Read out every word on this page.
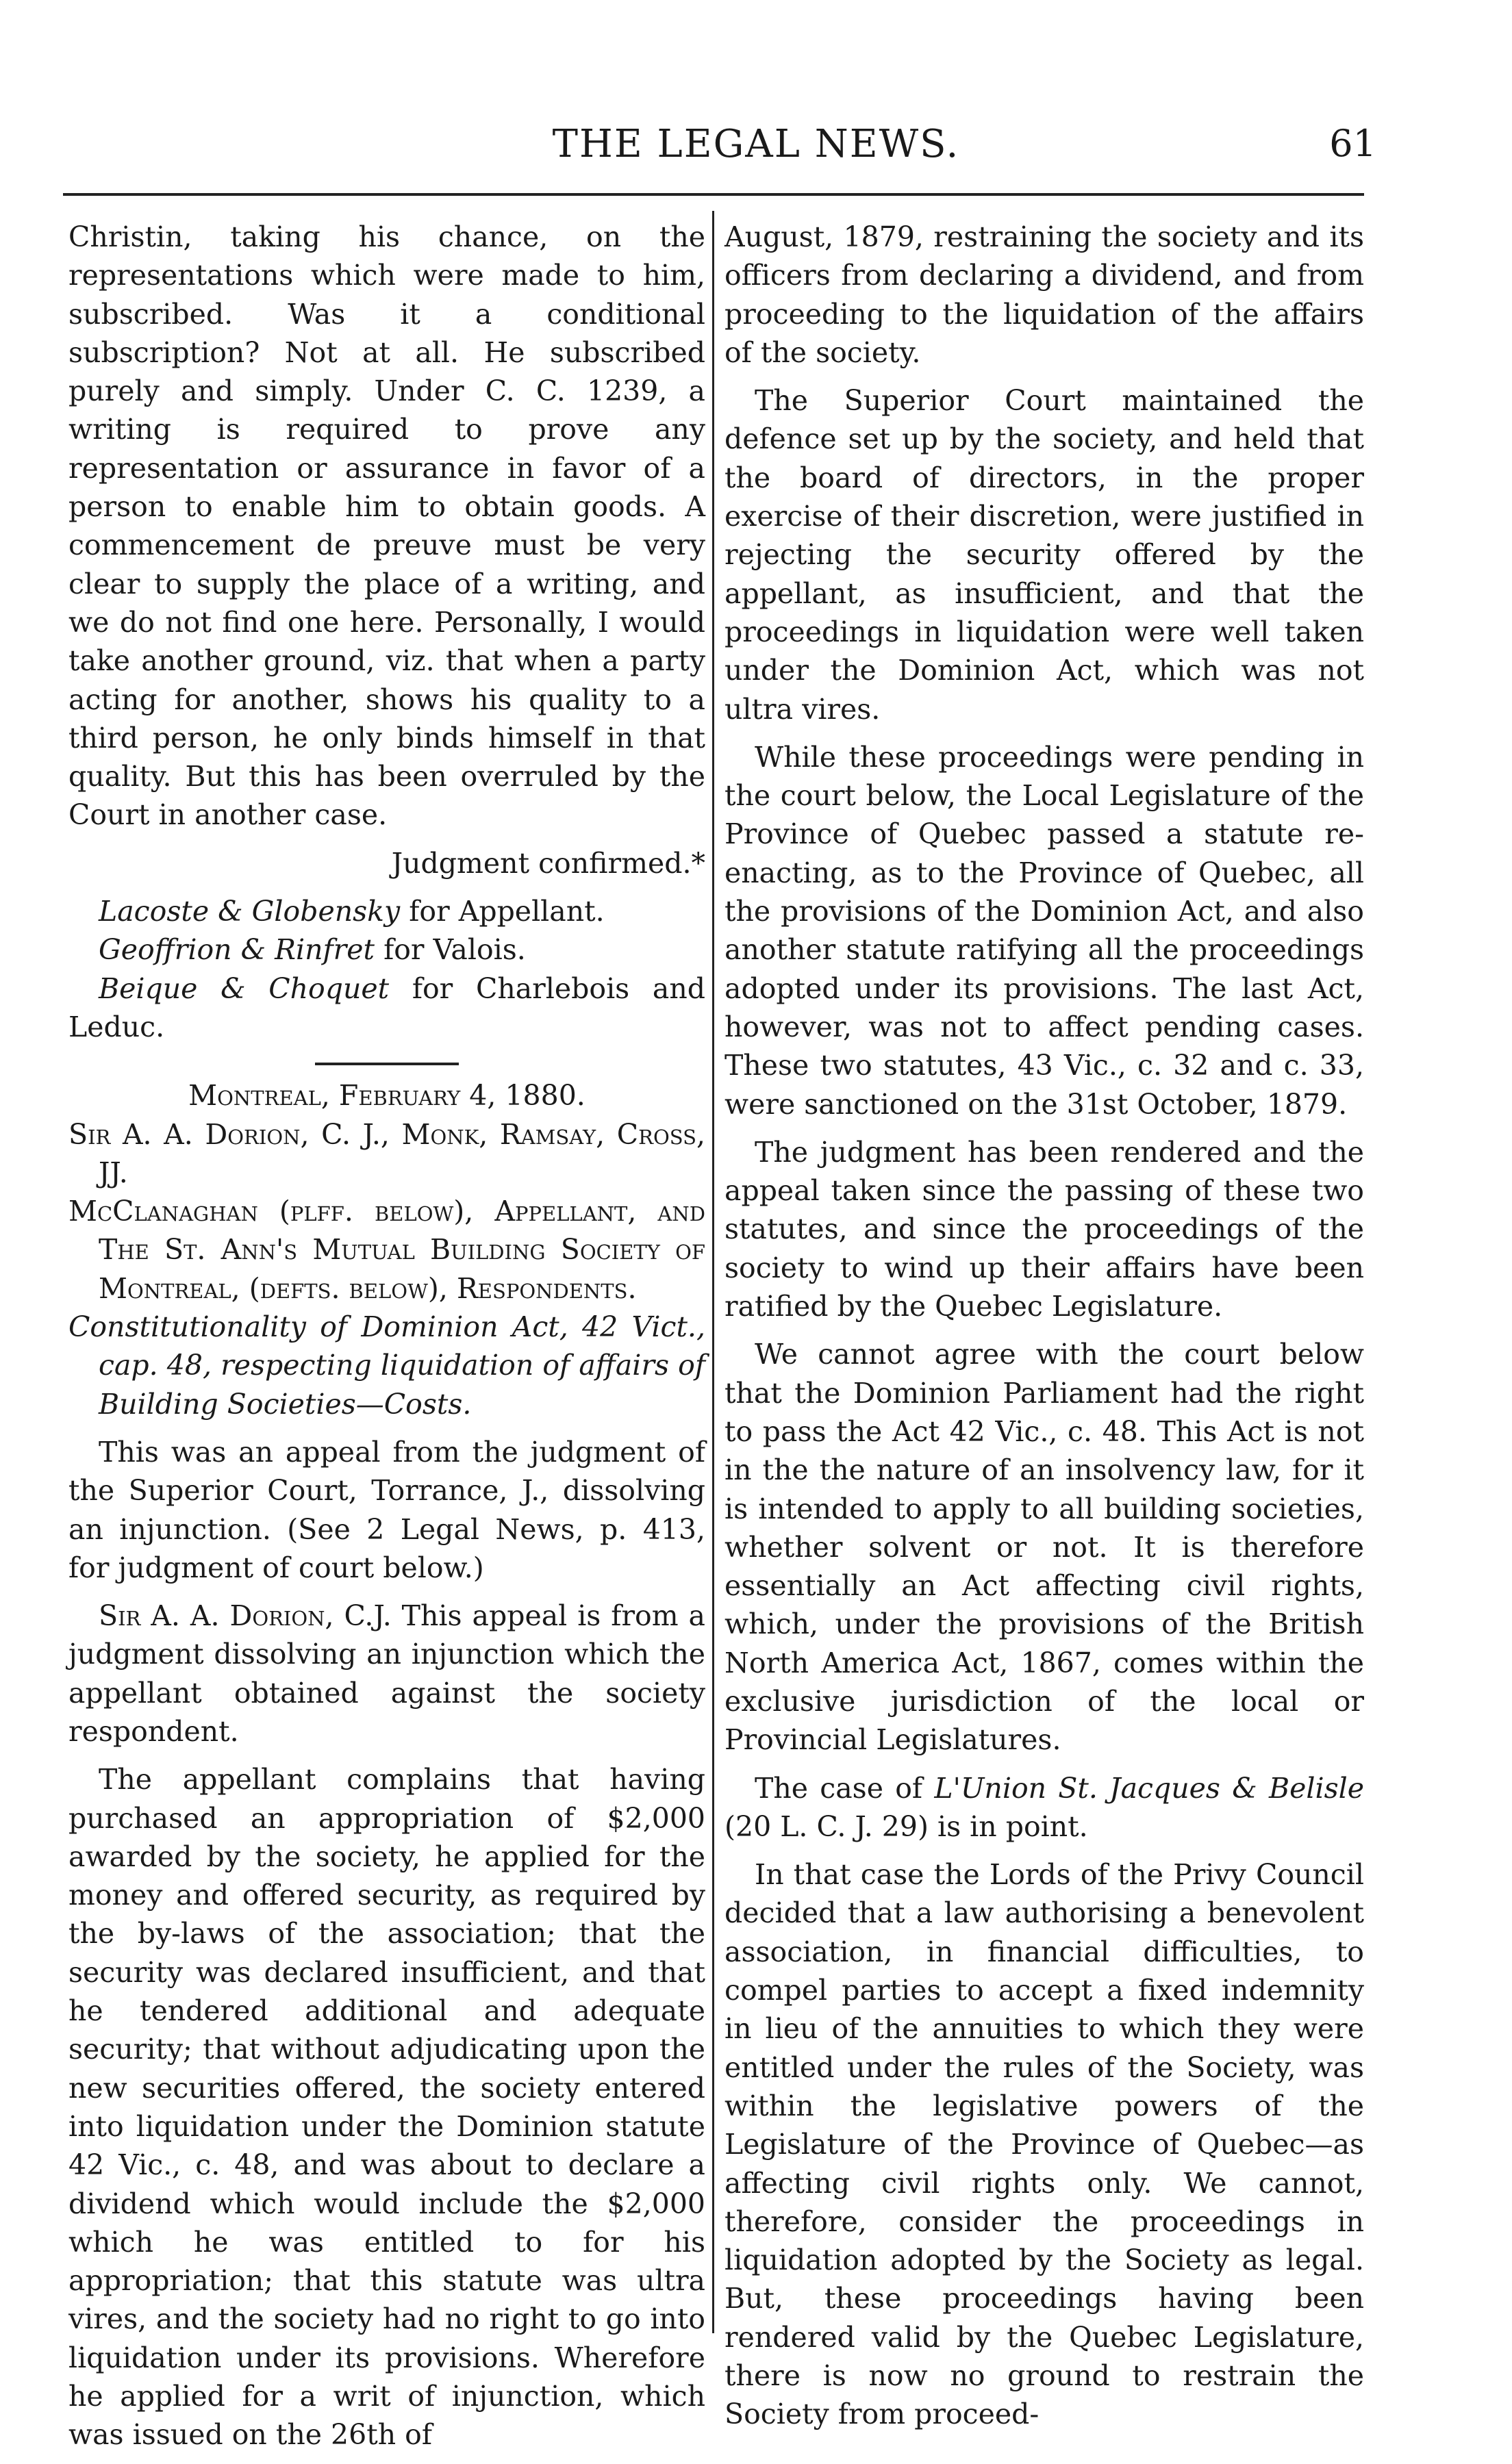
THE LEGAL NEWS.	61

Christin, taking his chance, on the representations which were made to him, subscribed. Was it a conditional subscription? Not at all. He subscribed purely and simply. Under C. C. 1239, a writing is required to prove any representation or assurance in favor of a person to enable him to obtain goods. A commencement de preuve must be very clear to supply the place of a writing, and we do not find one here. Personally, I would take another ground, viz. that when a party acting for another, shows his quality to a third person, he only binds himself in that quality. But this has been overruled by the Court in another case.

Judgment confirmed.*

Lacoste & Globensky for Appellant.

Geoffrion & Rinfret for Valois.

Beique & Choquet for Charlebois and Leduc.

Montreal, February 4, 1880.

Sir A. A. Dorion, C. J., Monk, Ramsay, Cross, JJ.

McClanaghan (plff. below), Appellant, and The St. Ann's Mutual Building Society of Montreal, (defts. below), Respondents.

Constitutionality of Dominion Act, 42 Vict., cap. 48, respecting liquidation of affairs of Building Societies—Costs.

This was an appeal from the judgment of the Superior Court, Torrance, J., dissolving an injunction. (See 2 Legal News, p. 413, for judgment of court below.)

Sir A. A. Dorion, C.J. This appeal is from a judgment dissolving an injunction which the appellant obtained against the society respondent.

The appellant complains that having purchased an appropriation of $2,000 awarded by the society, he applied for the money and offered security, as required by the by-laws of the association; that the security was declared insufficient, and that he tendered additional and adequate security; that without adjudicating upon the new securities offered, the society entered into liquidation under the Dominion statute 42 Vic., c. 48, and was about to declare a dividend which would include the $2,000 which he was entitled to for his appropriation; that this statute was ultra vires, and the society had no right to go into liquidation under its provisions. Wherefore he applied for a writ of injunction, which was issued on the 26th of

August, 1879, restraining the society and its officers from declaring a dividend, and from proceeding to the liquidation of the affairs of the society.

The Superior Court maintained the defence set up by the society, and held that the board of directors, in the proper exercise of their discretion, were justified in rejecting the security offered by the appellant, as insufficient, and that the proceedings in liquidation were well taken under the Dominion Act, which was not ultra vires.

While these proceedings were pending in the court below, the Local Legislature of the Province of Quebec passed a statute re-enacting, as to the Province of Quebec, all the provisions of the Dominion Act, and also another statute ratifying all the proceedings adopted under its provisions. The last Act, however, was not to affect pending cases. These two statutes, 43 Vic., c. 32 and c. 33, were sanctioned on the 31st October, 1879.

The judgment has been rendered and the appeal taken since the passing of these two statutes, and since the proceedings of the society to wind up their affairs have been ratified by the Quebec Legislature.

We cannot agree with the court below that the Dominion Parliament had the right to pass the Act 42 Vic., c. 48. This Act is not in the the nature of an insolvency law, for it is intended to apply to all building societies, whether solvent or not. It is therefore essentially an Act affecting civil rights, which, under the provisions of the British North America Act, 1867, comes within the exclusive jurisdiction of the local or Provincial Legislatures.

The case of L'Union St. Jacques & Belisle (20 L. C. J. 29) is in point.

In that case the Lords of the Privy Council decided that a law authorising a benevolent association, in financial difficulties, to compel parties to accept a fixed indemnity in lieu of the annuities to which they were entitled under the rules of the Society, was within the legislative powers of the Legislature of the Province of Quebec—as affecting civil rights only. We cannot, therefore, consider the proceedings in liquidation adopted by the Society as legal. But, these proceedings having been rendered valid by the Quebec Legislature, there is now no ground to restrain the Society from proceed-
